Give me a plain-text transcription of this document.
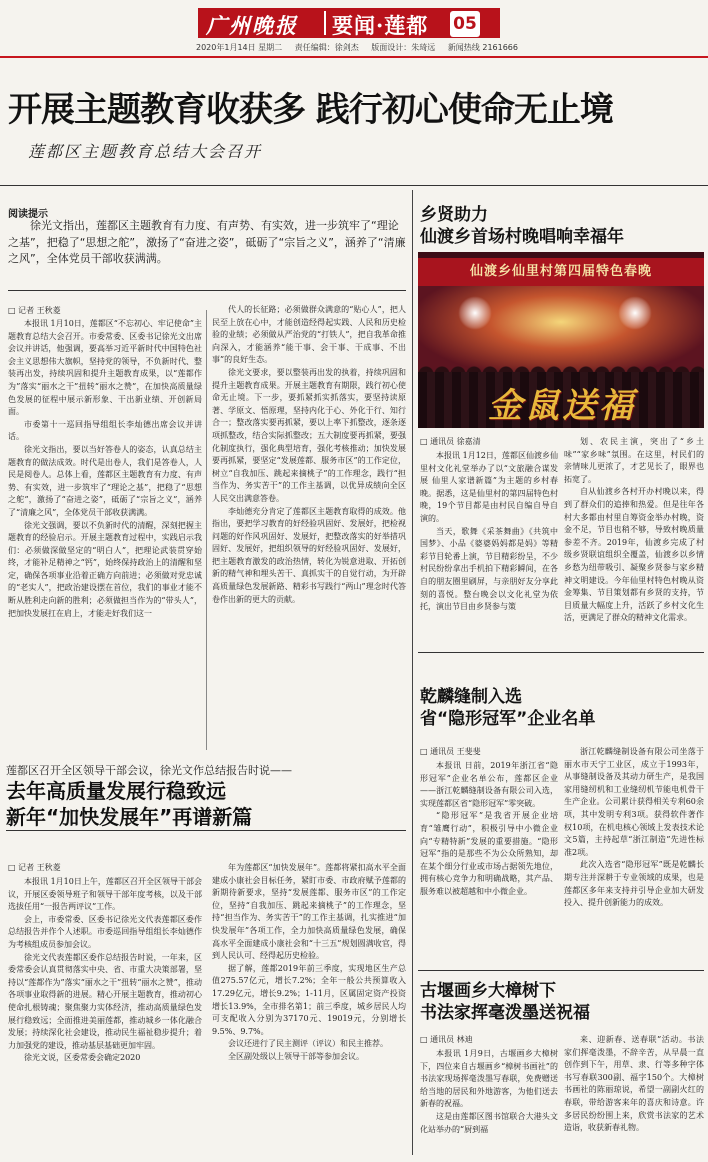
广州晚报 要闻·莲都 05
2020年1月14日 星期二 责任编辑：徐剑杰 版面设计：朱琦远 新闻热线 2161666
开展主题教育收获多 践行初心使命无止境
莲都区主题教育总结大会召开
阅读提示

徐光文指出，莲都区主题教育有力度、有声势、有实效，进一步筑牢了“理论之基”，把稳了“思想之舵”，激扬了“奋进之姿”，砥砺了“宗旨之义”，涵养了“清廉之风”，全体党员干部收获满满。

□ 记者 王秋菱

本报讯 1月10日，莲都区“不忘初心、牢记使命”主题教育总结大会召开。市委常委、区委书记徐光文出席会议并讲话，他强调，要高举习近平新时代中国特色社会主义思想伟大旗帜，坚持党的领导，不负新时代、整装再出发，持续巩固和提升主题教育成果，以“莲都作为”落实“丽水之干”扭转“丽水之赞”，在加快高质量绿色发展的征程中展示新形象、干出新业绩、开创新局面。

市委第十一巡回指导组组长李灿德出席会议并讲话。

徐光文指出，要以当好答卷人的姿态，认真总结主题教育的做法成效。时代是出卷人，我们是答卷人，人民是阅卷人。总体上看，莲都区主题教育有力度、有声势、有实效，进一步筑牢了“理论之基”，把稳了“思想之舵”，激扬了“奋进之姿”，砥砺了“宗旨之义”，涵养了“清廉之风”，全体党员干部收获满满。

徐光文强调，要以不负新时代的清醒，深刻把握主题教育的经验启示。开展主题教育过程中，实践启示我们：必须做深做坚定的“明白人”，把理论武装贯穿始终，才能补足精神之“钙”，始终保持政治上的清醒和坚定，确保各项事业沿着正确方向前进；必须做对党忠诚的“老实人”，把政治建设摆在首位，我们的事业才能不断从胜利走向新的胜利；必须做担当作为的“带头人”，把加快发展扛在肩上，才能走好我们这一

代人的长征路；必须做群众满意的“贴心人”，把人民至上放在心中，才能创造经得起实践、人民和历史检验的业绩；必须做从严治党的“打铁人”，把自我革命推向深入，才能涵养“能干事、会干事、干成事、不出事”的良好生态。

徐光文要求，要以整装再出发的执着，持续巩固和提升主题教育成果。开展主题教育有期限，践行初心使命无止境。下一步，要抓紧抓实抓落实，要坚持读原著、学原文、悟原理，坚持内化于心、外化于行、知行合一；整改落实要再抓紧，要以上率下抓整改，逐条逐项抓整改，结合实际抓整改；五大制度要再抓紧，要强化制度执行，强化典型培育，强化考核推动；加快发展要再抓紧，要坚定“发展莲都、服务市区”的工作定位，树立“自我加压、跳起来摘桃子”的工作理念，践行“担当作为、务实苦干”的工作主基调，以优异成绩向全区人民交出满意答卷。

李灿德充分肯定了莲都区主题教育取得的成效。他指出，要把学习教育的好经验巩固好、发展好，把检视问题的好作风巩固好、发展好，把整改落实的好举措巩固好、发展好，把组织领导的好经验巩固好、发展好，把主题教育激发的政治热情，转化为锐意进取、开拓创新的精气神和埋头苦干、真抓实干的自觉行动，为开辟高质量绿色发展新路、精彩书写践行“两山”理念时代答卷作出新的更大的贡献。

莲都区召开全区领导干部会议，徐光文作总结报告时说——
去年高质量发展行稳致远
新年“加快发展年”再谱新篇
□ 记者 王秋菱

本报讯 1月10日上午，莲都区召开全区领导干部会议，开展区委领导班子和领导干部年度考核，以及干部选拔任用“一报告两评议”工作。

会上，市委常委、区委书记徐光文代表莲都区委作总结报告并作个人述职。市委巡回指导组组长李灿德作为考核组成员参加会议。

徐光文代表莲都区委作总结报告时说，一年来，区委常委会认真贯彻落实中央、省、市重大决策部署，坚持以“莲都作为”落实“丽水之干”扭转“丽水之赞”，推动各项事业取得新的进展。精心开展主题教育，推动初心使命扎根铸魂；聚焦聚力实体经济，推动高质量绿色发展行稳致远；全面推进美丽莲都，推动城乡一体化融合发展；持续深化社会建设，推动民生福祉稳步提升；着力加强党的建设，推动基层基础更加牢固。

徐光文说，区委常委会确定2020

年为莲都区“加快发展年”。莲都将紧扣高水平全面建成小康社会目标任务，紧盯市委、市政府赋予莲都的新期待新要求，坚持“发展莲都、服务市区”的工作定位，坚持“自我加压、跳起来摘桃子”的工作理念，坚持“担当作为、务实苦干”的工作主基调，扎实推进“加快发展年”各项工作，全力加快高质量绿色发展，确保高水平全面建成小康社会和“十三五”规划圆满收官，得到人民认可、经得起历史检验。

据了解，莲都2019年前三季度，实现地区生产总值275.57亿元，增长7.2%；全年一般公共预算收入17.29亿元，增长9.2%；1-11月，区属固定资产投资增长13.9%，全市排名第1；前三季度，城乡居民人均可支配收入分别为37170元、19019元，分别增长9.5%、9.7%。

会议还进行了民主测评（评议）和民主推荐。

全区副处级以上领导干部等参加会议。

乡贤助力
仙渡乡首场村晚唱响幸福年
仙渡乡仙里村第四届特色春晚
金鼠送福
□ 通讯员 徐嘉清

本报讯 1月12日，莲都区仙渡乡仙里村文化礼堂举办了以“文旅融合谋发展 仙里人家谱新篇”为主题的乡村春晚。据悉，这是仙里村的第四届特色村晚，19个节目都是由村民自编自导自演的。

当天，歌舞《采茶舞曲》《共筑中国梦》、小品《婆婆妈妈都是妈》等精彩节目轮番上演，节目精彩纷呈，不少村民纷纷拿出手机拍下精彩瞬间，在各自的朋友圈里刷屏，与亲朋好友分享此刻的喜悦。整台晚会以文化礼堂为依托，演出节目由乡贤参与策

划、农民主演，突出了“乡土味”“家乡味”氛围。在这里，村民们的亲情味儿更浓了，才艺见长了，眼界也拓宽了。

自从仙渡乡各村开办村晚以来，得到了群众们的追捧和热爱。但是往年各村大多都由村里自筹资金举办村晚，资金不足，节目也稍不够，导致村晚质量参差不齐。2019年，仙渡乡完成了村级乡贤联谊组织全覆盖，仙渡乡以乡情乡愁为纽带吸引、凝聚乡贤参与家乡精神文明建设。今年仙里村特色村晚从资金筹集、节目策划都有乡贤的支持，节目质量大幅度上升，活跃了乡村文化生活，更满足了群众的精神文化需求。

乾麟缝制入选
省“隐形冠军”企业名单
□ 通讯员 王斐斐

本报讯 日前，2019年浙江省“隐形冠军”企业名单公布，莲都区企业——浙江乾麟缝制设备有限公司入选，实现莲都区省“隐形冠军”零突破。

“隐形冠军”是我省开展企业培育“雏鹰行动”，积极引导中小微企业向“专精特新”发展的重要措施。“隐形冠军”指的是那些不为公众所熟知，却在某个细分行业或市场占据领先地位，拥有核心竞争力和明确战略，其产品、服务难以被超越和中小微企业。

浙江乾麟缝制设备有限公司坐落于丽水市天宁工业区，成立于1993年，从事缝制设备及其动力研生产，是我国家用缝纫机和工业缝纫机节能电机骨干生产企业。公司累计获得相关专利60余项，其中发明专利3项。获得软件著作权10项，在机电核心领域上发表技术论文5篇，主持起草“浙江制造”先进性标准2项。

此次入选省“隐形冠军”既是乾麟长期专注并深耕于专业领域的成果，也是莲都区多年来支持并引导企业加大研发投入、提升创新能力的成效。

古堰画乡大樟树下
书法家挥毫泼墨送祝福
□ 通讯员 林迪

本报讯 1月9日，古堰画乡大樟树下，四位来自古堰画乡“樟树书画社”的书法家现场挥毫泼墨写春联，免费赠送给当地的居民和外地游客，为他们送去新春的祝福。

这是由莲都区图书馆联合大港头文化站举办的“厨到福

来、迎新春、送春联”活动。书法家们挥毫泼墨，不辞辛苦，从早晨一直创作到下午，用草、隶、行等多种字体书写春联300副、福字150个。大樟树书画社的陈丽琼说，希望一副副火红的春联，带给游客来年的喜庆和诗意。许多居民纷纷围上来，欣赏书法家的艺术造诣，收获新春礼物。
